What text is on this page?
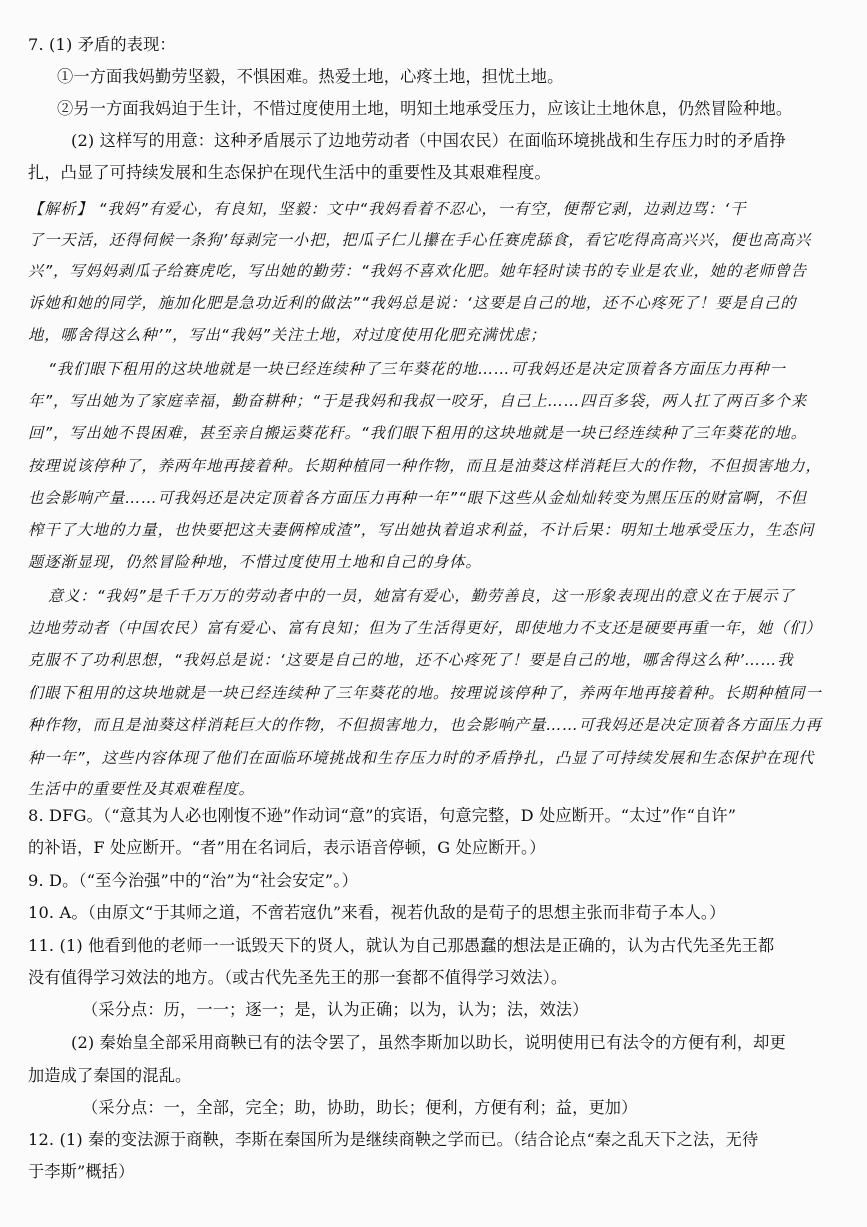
7. (1) 矛盾的表现：
①一方面我妈勤劳坚毅，不惧困难。热爱土地，心疼土地，担忧土地。
②另一方面我妈迫于生计，不惜过度使用土地，明知土地承受压力，应该让土地休息，仍然冒险种地。
(2) 这样写的用意：这种矛盾展示了边地劳动者（中国农民）在面临环境挑战和生存压力时的矛盾挣
扎，凸显了可持续发展和生态保护在现代生活中的重要性及其艰难程度。
【解析】 “我妈”有爱心，有良知，坚毅：文中“我妈看着不忍心，一有空，便帮它剥，边剥边骂：‘干
了一天活，还得伺候一条狗’每剥完一小把，把瓜子仁儿攥在手心任赛虎舔食，看它吃得高高兴兴，便也高高兴
兴”，写妈妈剥瓜子给赛虎吃，写出她的勤劳：“我妈不喜欢化肥。她年轻时读书的专业是农业，她的老师曾告
诉她和她的同学，施加化肥是急功近利的做法”“我妈总是说：‘这要是自己的地，还不心疼死了！要是自己的
地，哪舍得这么种’”，写出“我妈”关注土地，对过度使用化肥充满忧虑；
“我们眼下租用的这块地就是一块已经连续种了三年葵花的地……可我妈还是决定顶着各方面压力再种一
年”，写出她为了家庭幸福，勤奋耕种；“于是我妈和我叔一咬牙，自己上……四百多袋，两人扛了两百多个来
回”，写出她不畏困难，甚至亲自搬运葵花秆。“我们眼下租用的这块地就是一块已经连续种了三年葵花的地。
按理说该停种了，养两年地再接着种。长期种植同一种作物，而且是油葵这样消耗巨大的作物，不但损害地力，
也会影响产量……可我妈还是决定顶着各方面压力再种一年”“眼下这些从金灿灿转变为黑压压的财富啊，不但
榨干了大地的力量，也快要把这夫妻俩榨成渣”，写出她执着追求利益，不计后果：明知土地承受压力，生态问
题逐渐显现，仍然冒险种地，不惜过度使用土地和自己的身体。
意义：“我妈”是千千万万的劳动者中的一员，她富有爱心，勤劳善良，这一形象表现出的意义在于展示了
边地劳动者（中国农民）富有爱心、富有良知；但为了生活得更好，即使地力不支还是硬要再重一年，她（们）
克服不了功利思想，“我妈总是说：‘这要是自己的地，还不心疼死了！要是自己的地，哪舍得这么种’……我
们眼下租用的这块地就是一块已经连续种了三年葵花的地。按理说该停种了，养两年地再接着种。长期种植同一
种作物，而且是油葵这样消耗巨大的作物，不但损害地力，也会影响产量……可我妈还是决定顶着各方面压力再
种一年”，这些内容体现了他们在面临环境挑战和生存压力时的矛盾挣扎，凸显了可持续发展和生态保护在现代
生活中的重要性及其艰难程度。
8. DFG。（“意其为人必也刚愎不逊”作动词“意”的宾语，句意完整，D 处应断开。“太过”作“自许”
的补语，F 处应断开。“者”用在名词后，表示语音停顿，G 处应断开。）
9. D。（“至今治强”中的“治”为“社会安定”。）
10. A。（由原文“于其师之道，不啻若寇仇”来看，视若仇敌的是荀子的思想主张而非荀子本人。）
11. (1) 他看到他的老师一一诋毁天下的贤人，就认为自己那愚蠢的想法是正确的，认为古代先圣先王都
没有值得学习效法的地方。（或古代先圣先王的那一套都不值得学习效法）。
（采分点：历，一一；逐一；是，认为正确；以为，认为；法，效法）
(2) 秦始皇全部采用商鞅已有的法令罢了，虽然李斯加以助长，说明使用已有法令的方便有利，却更
加造成了秦国的混乱。
（采分点：一，全部，完全；助，协助，助长；便利，方便有利；益，更加）
12. (1) 秦的变法源于商鞅，李斯在秦国所为是继续商鞅之学而已。（结合论点“秦之乱天下之法，无待
于李斯”概括）
